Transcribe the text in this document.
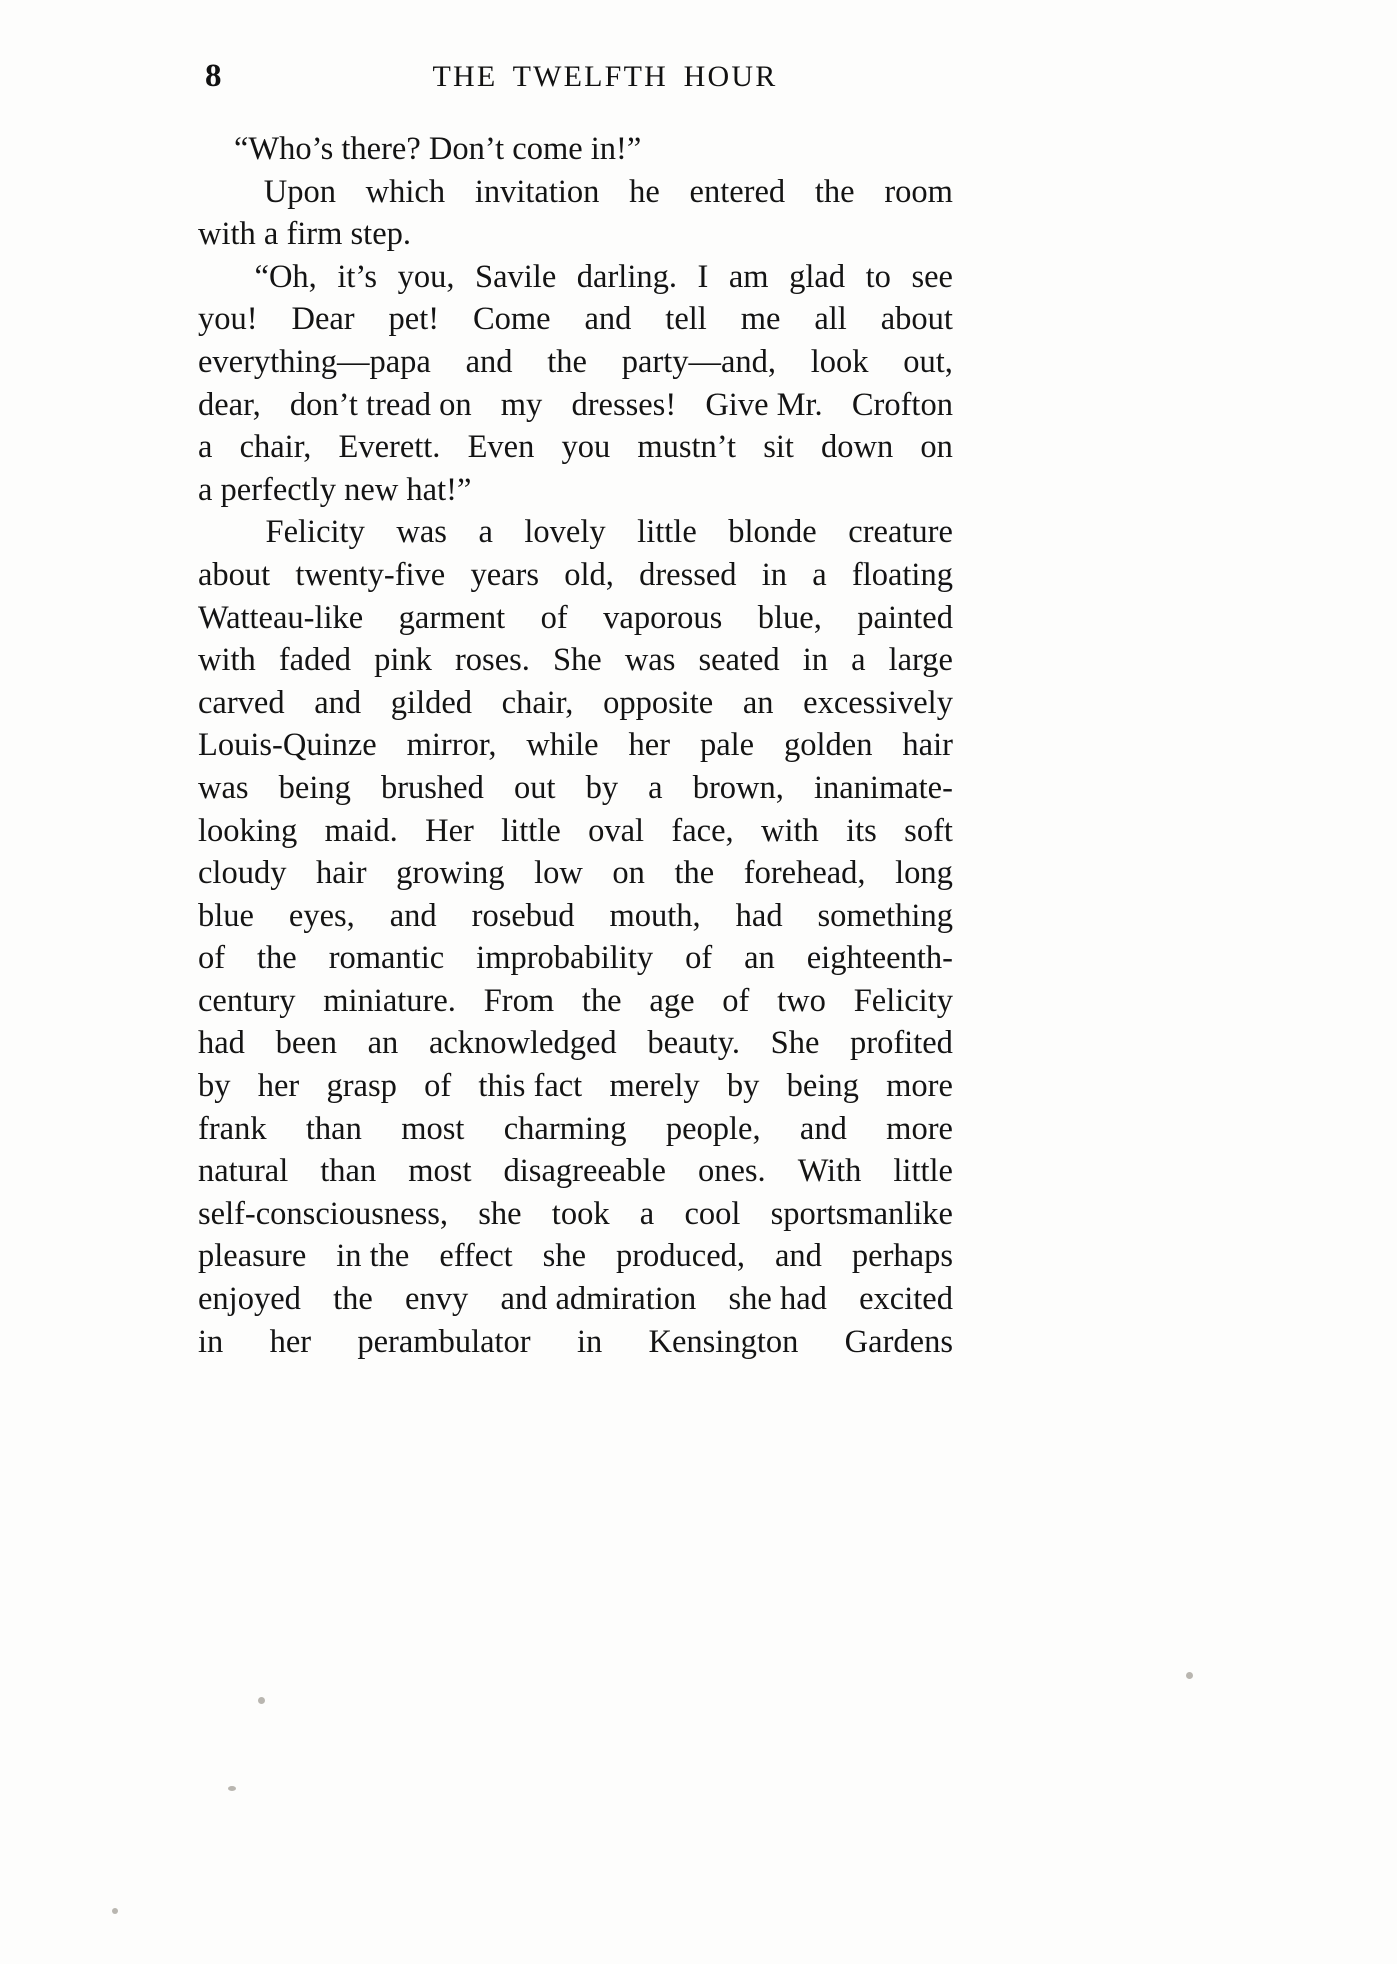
8	THE TWELFTH HOUR

“Who’s there? Don’t come in!”
Upon which invitation he entered the room
with a firm step.
“Oh, it’s you, Savile darling. I am glad to see
you! Dear pet! Come and tell me all about
everything—papa and the party—and, look out,
dear, don’t tread on my dresses! Give Mr. Crofton
a chair, Everett. Even you mustn’t sit down on
a perfectly new hat!”
Felicity was a lovely little blonde creature
about twenty-five years old, dressed in a floating
Watteau-like garment of vaporous blue, painted
with faded pink roses. She was seated in a large
carved and gilded chair, opposite an excessively
Louis-Quinze mirror, while her pale golden hair
was being brushed out by a brown, inanimate-
looking maid. Her little oval face, with its soft
cloudy hair growing low on the forehead, long
blue eyes, and rosebud mouth, had something
of the romantic improbability of an eighteenth-
century miniature. From the age of two Felicity
had been an acknowledged beauty. She profited
by her grasp of this fact merely by being more
frank than most charming people, and more
natural than most disagreeable ones. With little
self-consciousness, she took a cool sportsmanlike
pleasure in the effect she produced, and perhaps
enjoyed the envy and admiration she had excited
in her perambulator in Kensington Gardens
